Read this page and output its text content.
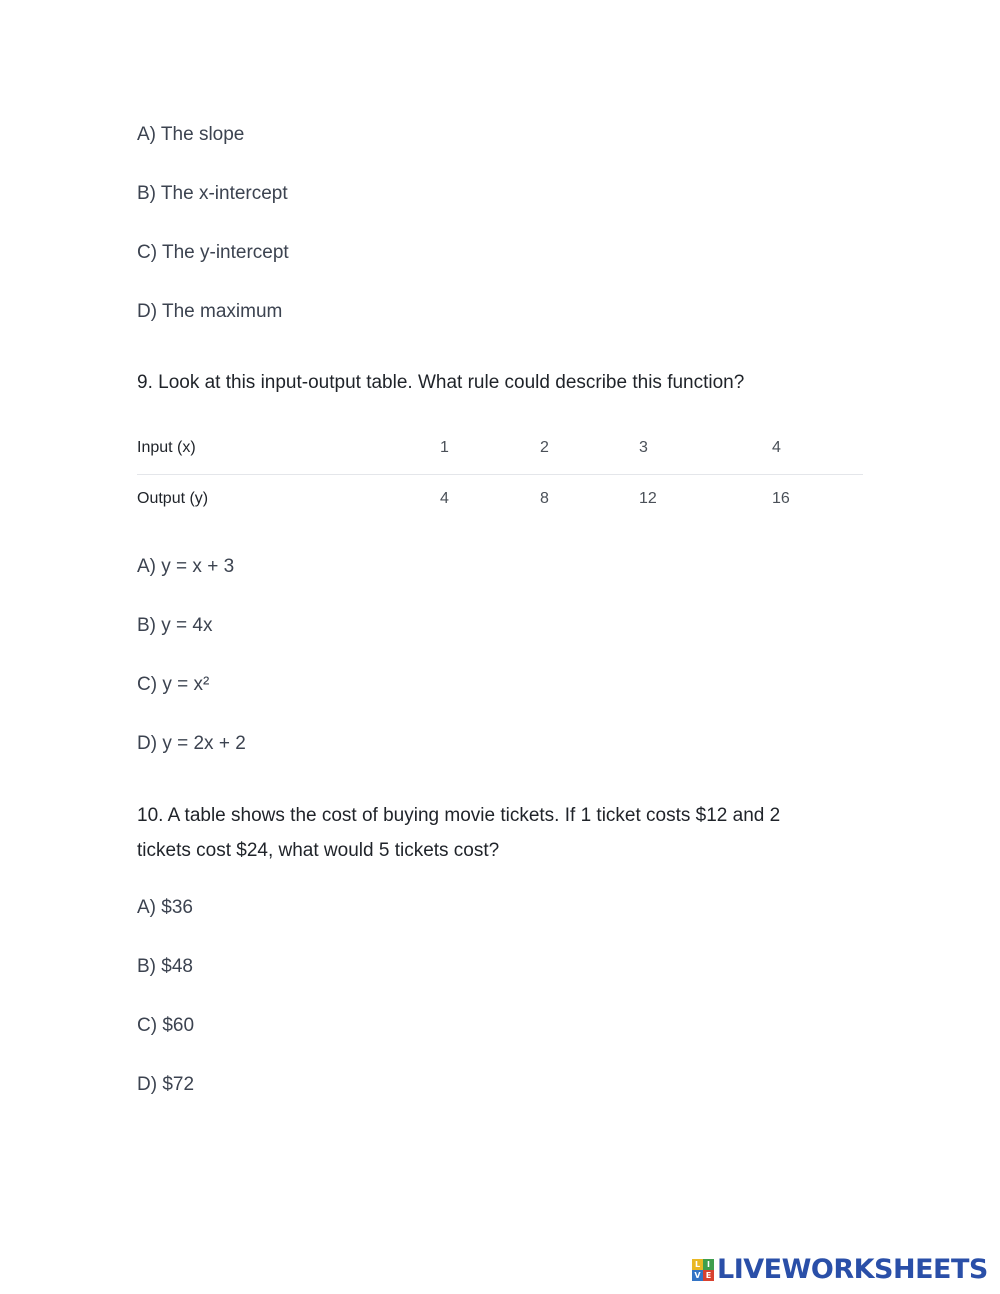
A) The slope
B) The x-intercept
C) The y-intercept
D) The maximum
9. Look at this input-output table. What rule could describe this function?
Input (x)	1	2	3	4
Output (y)	4	8	12	16
A) y = x + 3
B) y = 4x
C) y = x²
D) y = 2x + 2
10. A table shows the cost of buying movie tickets. If 1 ticket costs $12 and 2
tickets cost $24, what would 5 tickets cost?
A) $36
B) $48
C) $60
D) $72
L I
V E LIVEWORKSHEETS
